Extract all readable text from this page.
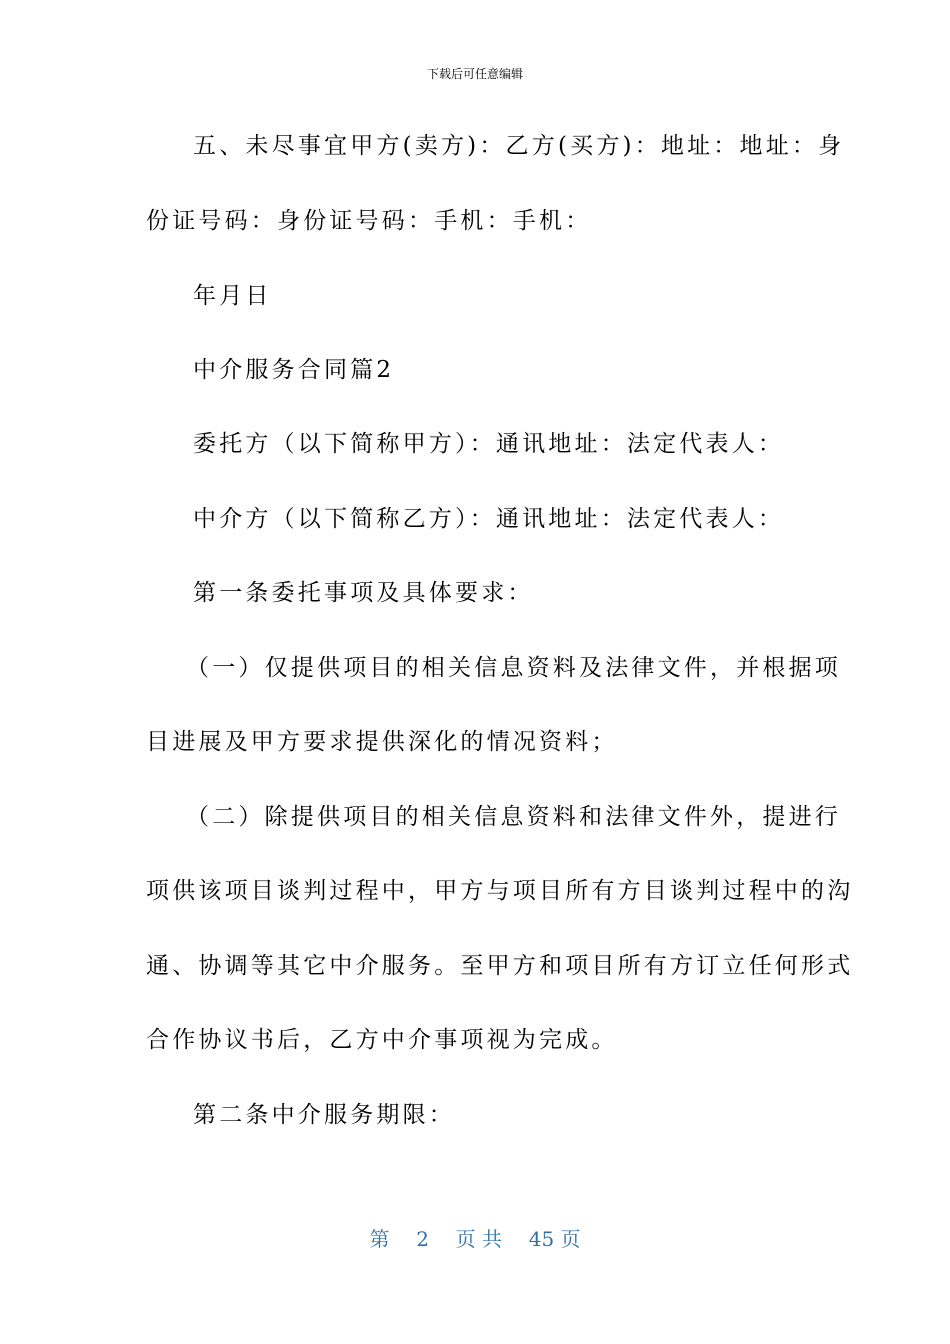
下载后可任意编辑
五、未尽事宜甲方(卖方)：乙方(买方)：地址：地址：身
份证号码：身份证号码：手机：手机：
年月日
中介服务合同篇2
委托方（以下简称甲方）：通讯地址：法定代表人：
中介方（以下简称乙方）：通讯地址：法定代表人：
第一条委托事项及具体要求：
（一）仅提供项目的相关信息资料及法律文件，并根据项
目进展及甲方要求提供深化的情况资料；
（二）除提供项目的相关信息资料和法律文件外，提进行
项供该项目谈判过程中，甲方与项目所有方目谈判过程中的沟
通、协调等其它中介服务。至甲方和项目所有方订立任何形式
合作协议书后，乙方中介事项视为完成。
第二条中介服务期限：
第 2 页 共 45 页
